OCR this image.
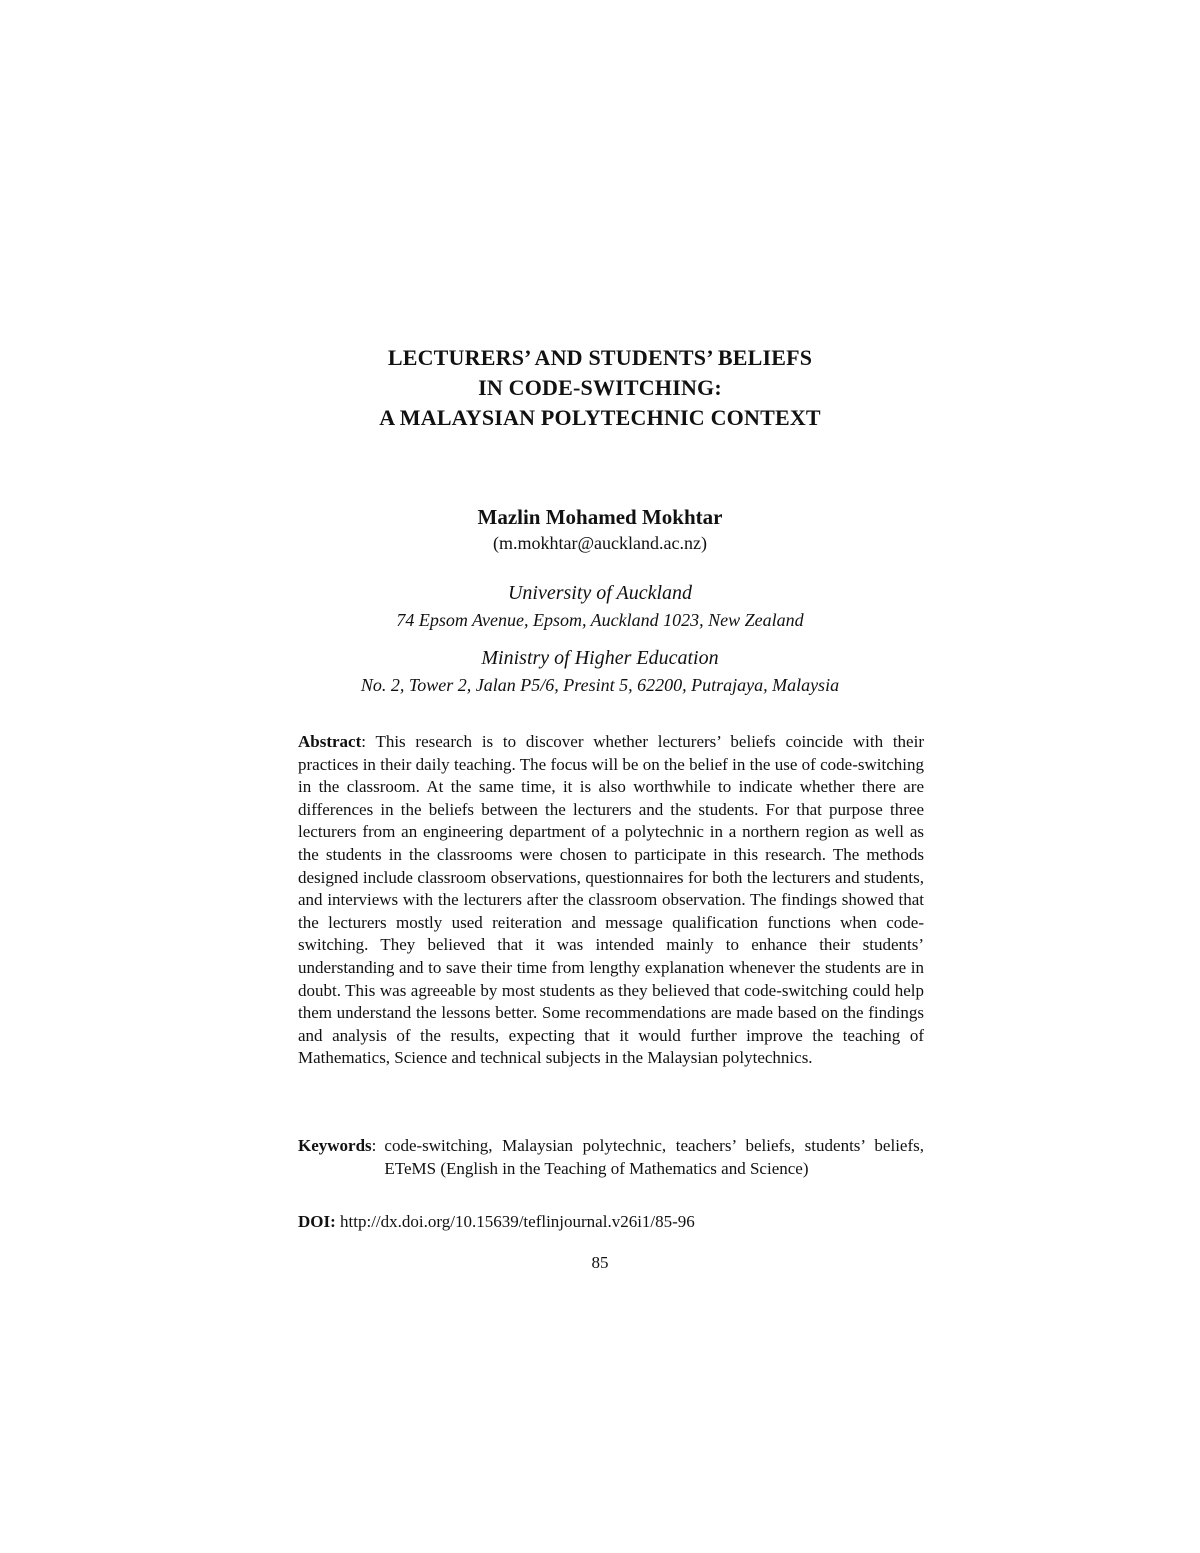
LECTURERS’ AND STUDENTS’ BELIEFS
IN CODE-SWITCHING:
A MALAYSIAN POLYTECHNIC CONTEXT
Mazlin Mohamed Mokhtar
(m.mokhtar@auckland.ac.nz)
University of Auckland
74 Epsom Avenue, Epsom, Auckland 1023, New Zealand
Ministry of Higher Education
No. 2, Tower 2, Jalan P5/6, Presint 5, 62200, Putrajaya, Malaysia
Abstract: This research is to discover whether lecturers’ beliefs coincide with their practices in their daily teaching. The focus will be on the belief in the use of code-switching in the classroom. At the same time, it is also worthwhile to indicate whether there are differences in the beliefs between the lecturers and the students. For that purpose three lecturers from an engineering department of a polytechnic in a northern region as well as the students in the classrooms were chosen to participate in this research. The methods designed include classroom observations, questionnaires for both the lecturers and students, and interviews with the lecturers after the classroom observation. The findings showed that the lecturers mostly used reiteration and message qualification functions when code-switching. They believed that it was intended mainly to enhance their students’ understanding and to save their time from lengthy explanation whenever the students are in doubt. This was agreeable by most students as they believed that code-switching could help them understand the lessons better. Some recommendations are made based on the findings and analysis of the results, expecting that it would further improve the teaching of Mathematics, Science and technical subjects in the Malaysian polytechnics.
Keywords : code-switching, Malaysian polytechnic, teachers’ beliefs, students’ beliefs, ETeMS (English in the Teaching of Mathematics and Science)
DOI: http://dx.doi.org/10.15639/teflinjournal.v26i1/85-96
85
